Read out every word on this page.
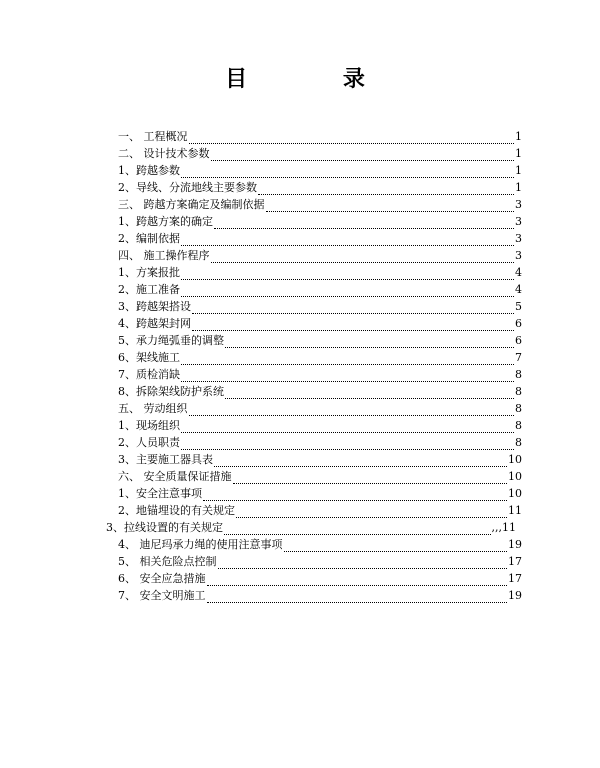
目 录
一、 工程概况	1
二、 设计技术参数	1
1、跨越参数	1
2、导线、分流地线主要参数	1
三、 跨越方案确定及编制依据	3
1、跨越方案的确定	3
2、编制依据	3
四、 施工操作程序	3
1、方案报批	4
2、施工准备	4
3、跨越架搭设	5
4、跨越架封网	6
5、承力绳弧垂的调整	6
6、架线施工	7
7、质检消缺	8
8、拆除架线防护系统	8
五、 劳动组织	8
1、现场组织	8
2、人员职责	8
3、主要施工器具表	10
六、 安全质量保证措施	10
1、安全注意事项	10
2、地锚埋设的有关规定	11
3、拉线设置的有关规定	,,,11
4、 迪尼玛承力绳的使用注意事项	19
5、 相关危险点控制	17
6、 安全应急措施	17
7、 安全文明施工	19
